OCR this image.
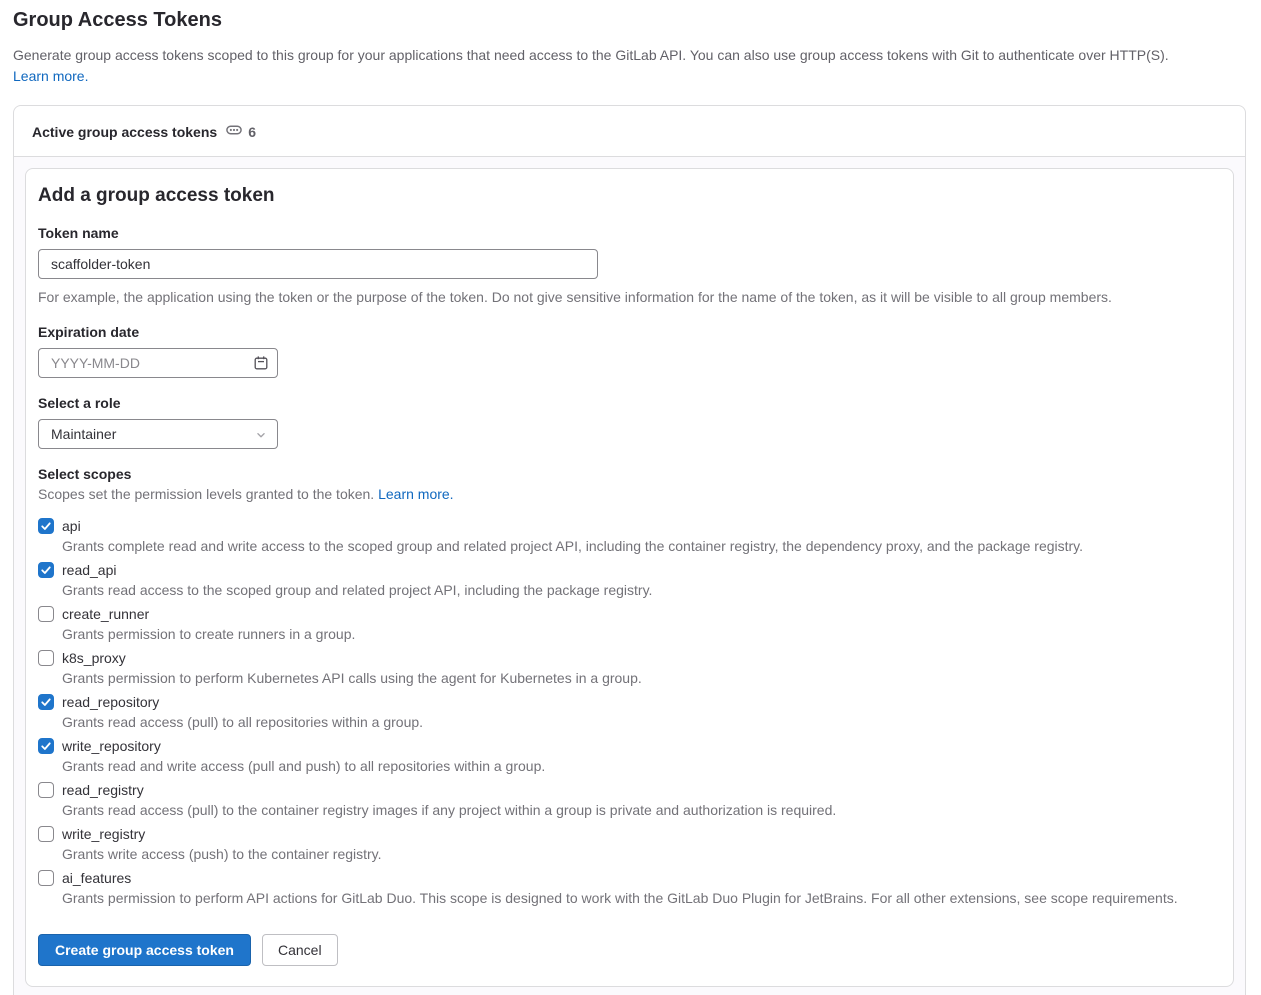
Group Access Tokens

Generate group access tokens scoped to this group for your applications that need access to the GitLab API. You can also use group access tokens with Git to authenticate over HTTP(S).

Learn more.
Active group access tokens 6
Add a group access token
Token name
scaffolder-token
For example, the application using the token or the purpose of the token. Do not give sensitive information for the name of the token, as it will be visible to all group members.
Expiration date
YYYY-MM-DD
Select a role
Maintainer
Select scopes
Scopes set the permission levels granted to the token. Learn more.
api
Grants complete read and write access to the scoped group and related project API, including the container registry, the dependency proxy, and the package registry.
read_api
Grants read access to the scoped group and related project API, including the package registry.
create_runner
Grants permission to create runners in a group.
k8s_proxy
Grants permission to perform Kubernetes API calls using the agent for Kubernetes in a group.
read_repository
Grants read access (pull) to all repositories within a group.
write_repository
Grants read and write access (pull and push) to all repositories within a group.
read_registry
Grants read access (pull) to the container registry images if any project within a group is private and authorization is required.
write_registry
Grants write access (push) to the container registry.
ai_features
Grants permission to perform API actions for GitLab Duo. This scope is designed to work with the GitLab Duo Plugin for JetBrains. For all other extensions, see scope requirements.
Create group access token	Cancel
